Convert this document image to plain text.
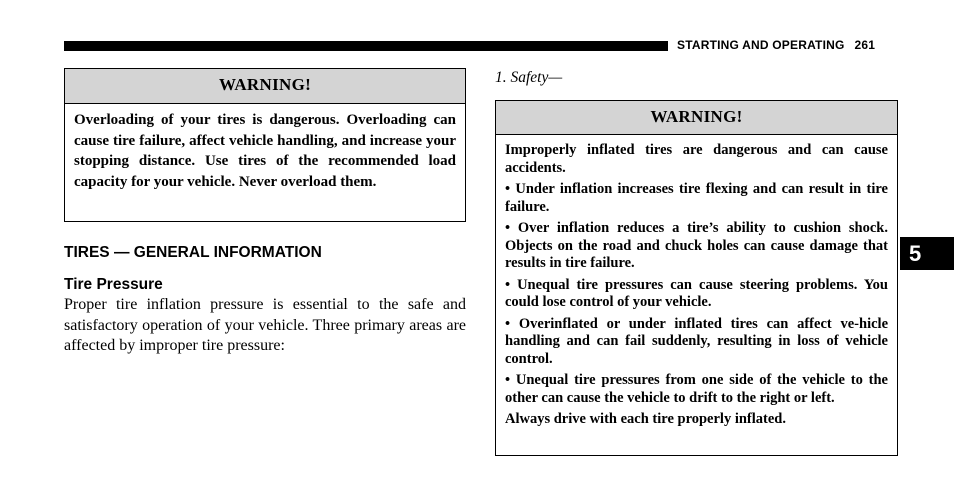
STARTING AND OPERATING 261
WARNING!
Overloading of your tires is dangerous. Overloading can cause tire failure, affect vehicle handling, and increase your stopping distance. Use tires of the recommended load capacity for your vehicle. Never overload them.
TIRES — GENERAL INFORMATION
Tire Pressure

Proper tire inflation pressure is essential to the safe and satisfactory operation of your vehicle. Three primary areas are affected by improper tire pressure:

1. Safety—
WARNING!

Improperly inflated tires are dangerous and can cause accidents.

• Under inflation increases tire flexing and can result in tire failure.

• Over inflation reduces a tire’s ability to cushion shock. Objects on the road and chuck holes can cause damage that results in tire failure.

• Unequal tire pressures can cause steering problems. You could lose control of your vehicle.

• Overinflated or under inflated tires can affect ve-hicle handling and can fail suddenly, resulting in loss of vehicle control.

• Unequal tire pressures from one side of the vehicle to the other can cause the vehicle to drift to the right or left.

Always drive with each tire properly inflated.

5
